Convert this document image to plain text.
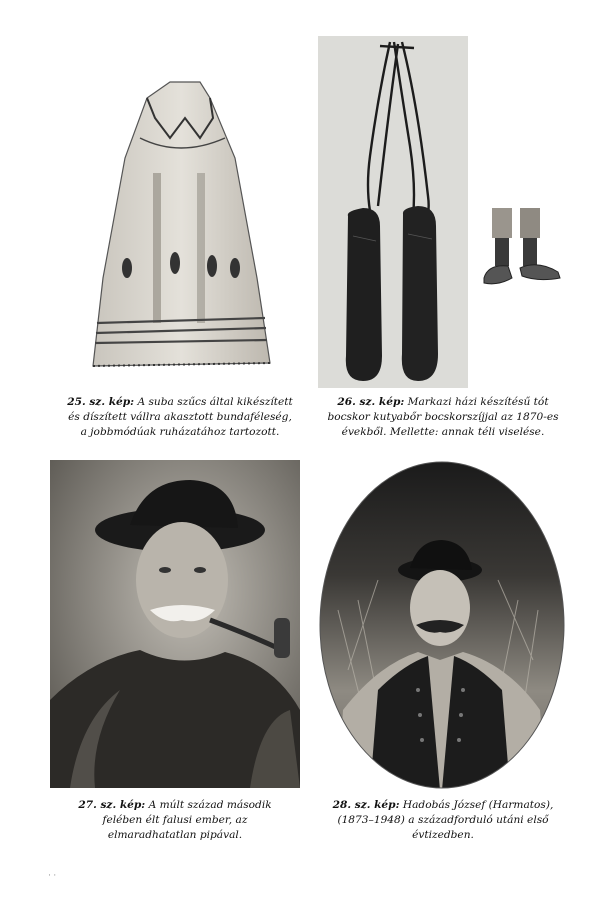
25. sz. kép: A suba szűcs által kikészített
és díszített vállra akasztott bundaféleség,
a jobbmódúak ruházatához tartozott.
26. sz. kép: Markazi házi készítésű tót
bocskor kutyabőr bocskorszíjjal az 1870-es
évekből. Mellette: annak téli viselése.
27. sz. kép: A múlt század második
felében élt falusi ember, az
elmaradhatatlan pipával.
28. sz. kép: Hadobás József (Harmatos),
(1873–1948) a századforduló utáni első
évtizedben.
· ·
